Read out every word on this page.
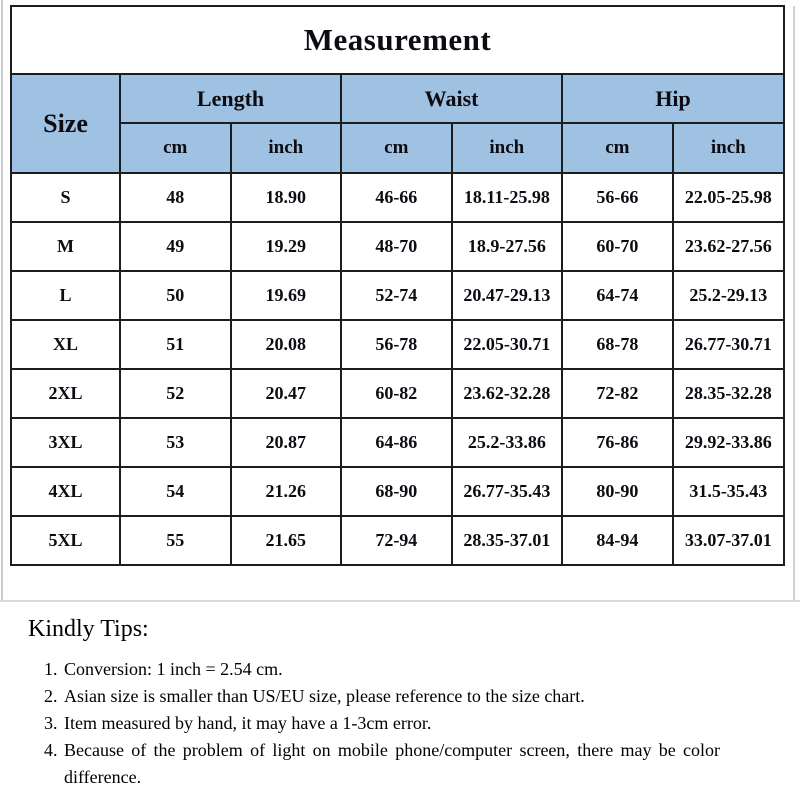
Measurement						
Size	Length		Waist		Hip	
	cm	inch	cm	inch	cm	inch
S	48	18.90	46-66	18.11-25.98	56-66	22.05-25.98
M	49	19.29	48-70	18.9-27.56	60-70	23.62-27.56
L	50	19.69	52-74	20.47-29.13	64-74	25.2-29.13
XL	51	20.08	56-78	22.05-30.71	68-78	26.77-30.71
2XL	52	20.47	60-82	23.62-32.28	72-82	28.35-32.28
3XL	53	20.87	64-86	25.2-33.86	76-86	29.92-33.86
4XL	54	21.26	68-90	26.77-35.43	80-90	31.5-35.43
5XL	55	21.65	72-94	28.35-37.01	84-94	33.07-37.01

Kindly Tips:

1. Conversion: 1 inch = 2.54 cm.
2. Asian size is smaller than US/EU size, please reference to the size chart.
3. Item measured by hand, it may have a 1-3cm error.
4. Because of the problem of light on mobile phone/computer screen, there may be color difference.
